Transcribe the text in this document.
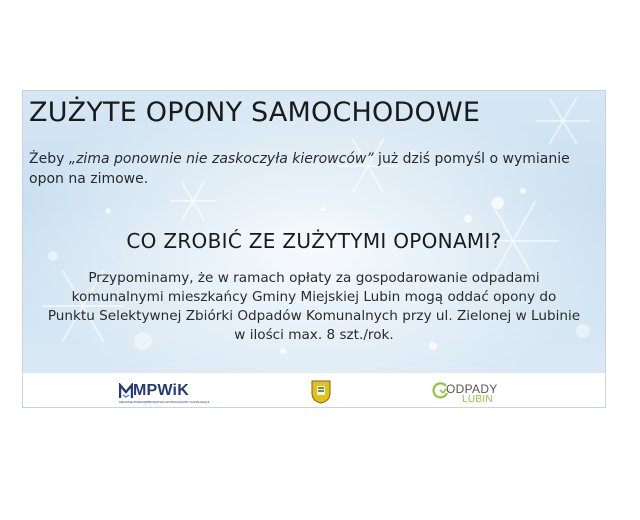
ZUŻYTE OPONY SAMOCHODOWE

Żeby „zima ponownie nie zaskoczyła kierowców” już dziś pomyśl o wymianie opon na zimowe.

CO ZROBIĆ ZE ZUŻYTYMI OPONAMI?

Przypominamy, że w ramach opłaty za gospodarowanie odpadami
komunalnymi mieszkańcy Gminy Miejskiej Lubin mogą oddać opony do
Punktu Selektywnej Zbiórki Odpadów Komunalnych przy ul. Zielonej w Lubinie
w ilości max. 8 szt./rok.

MPWiK
MIEJSKIE PRZEDSIĘBIORSTWO WODOCIĄGÓW I KANALIZACJI
ODPADY
LUBIN
